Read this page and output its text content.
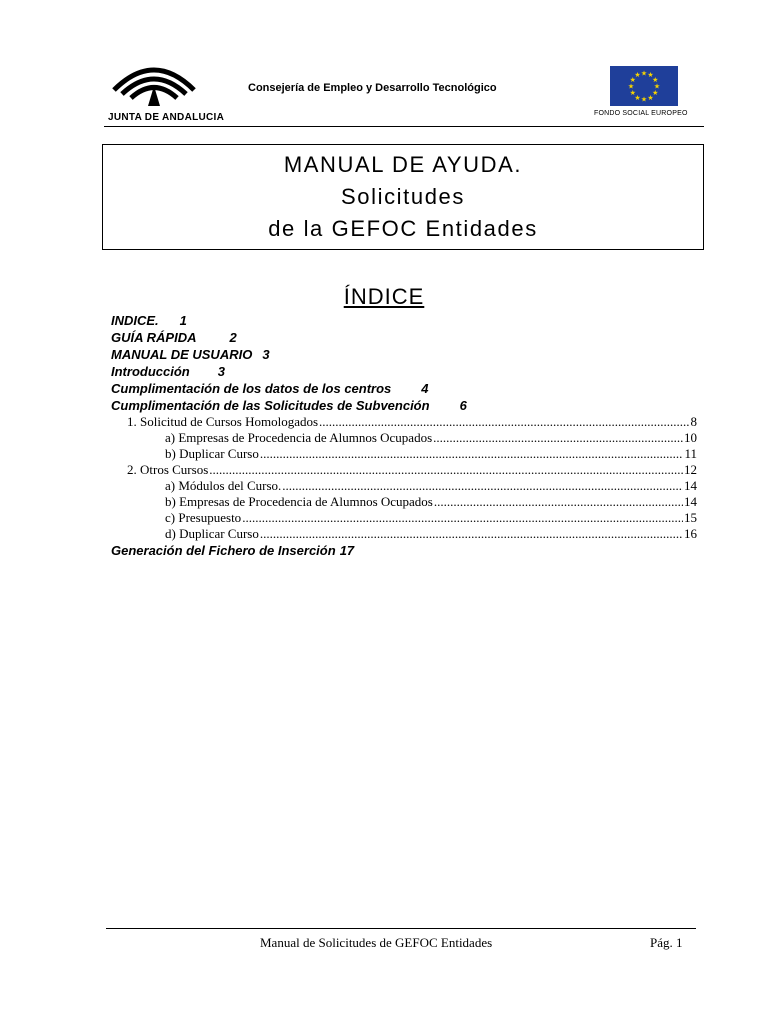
JUNTA DE ANDALUCIA
Consejería de Empleo y Desarrollo Tecnológico	★
★
★
★
★
★
★
★
★ ★ ★
★
FONDO SOCIAL EUROPEO
MANUAL DE AYUDA.
Solicitudes
de la GEFOC Entidades
ÍNDICE
INDICE. 1
GUÍA RÁPIDA	2
MANUAL DE USUARIO 3
Introducción 3
Cumplimentación de los datos de los centros 4
Cumplimentación de las Solicitudes de Subvención 6
1. Solicitud de Cursos Homologados .....	8
a) Empresas de Procedencia de Alumnos Ocupados .....	10
b) Duplicar Curso .....	11
2. Otros Cursos .....	12
a) Módulos del Curso. .....	14
b) Empresas de Procedencia de Alumnos Ocupados .....	14
c) Presupuesto .....	15
d) Duplicar Curso .....	16
Generación del Fichero de Inserción 17
Manual de Solicitudes de GEFOC Entidades	Pág. 1
